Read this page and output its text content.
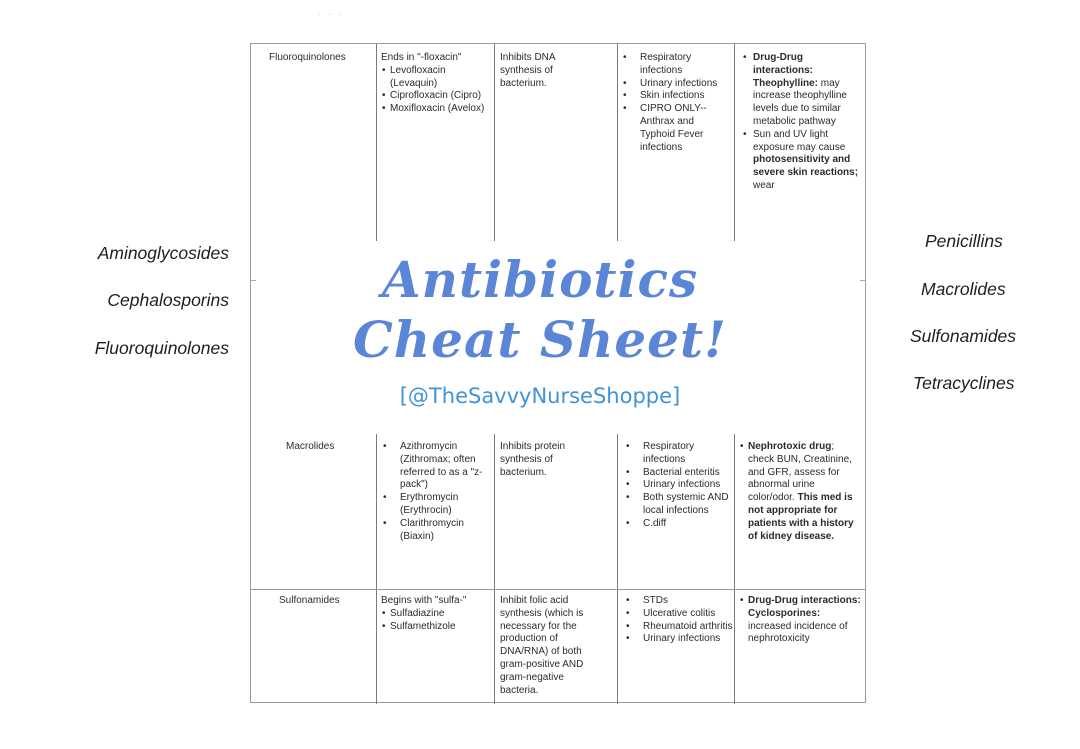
·   -   ·
Aminoglycosides
Cephalosporins
Fluoroquinolones
Penicillins
Macrolides
Sulfonamides
Tetracyclines
Fluoroquinolones	Ends in "-floxacin"
• Levofloxacin (Levaquin)
• Ciprofloxacin (Cipro)
• Moxifloxacin (Avelox)
Inhibits DNA synthesis of bacterium.
• Respiratory infections
• Urinary infections
• Skin infections
• CIPRO ONLY-- Anthrax and Typhoid Fever infections
• Drug-Drug interactions: Theophylline: may increase theophylline levels due to similar metabolic pathway
• Sun and UV light exposure may cause photosensitivity and severe skin reactions; wear
Macrolides
•	Azithromycin (Zithromax; often referred to as a "z-pack")
• Erythromycin (Erythrocin)
• Clarithromycin (Biaxin)
Inhibits protein synthesis of bacterium.
• Respiratory infections
• Bacterial enteritis
• Urinary infections
• Both systemic AND local infections
• C.diff
• Nephrotoxic drug; check BUN, Creatinine, and GFR, assess for abnormal urine color/odor. This med is not appropriate for patients with a history of kidney disease.
Sulfonamides	Begins with "sulfa-"
• Sulfadiazine
• Sulfamethizole
Inhibit folic acid synthesis (which is necessary for the production of DNA/RNA) of both gram-positive AND gram-negative bacteria.
• STDs
• Ulcerative colitis
• Rheumatoid arthritis
• Urinary infections
• Drug-Drug interactions: Cyclosporines: increased incidence of nephrotoxicity
Antibiotics
Cheat Sheet!
[@TheSavvyNurseShoppe]
